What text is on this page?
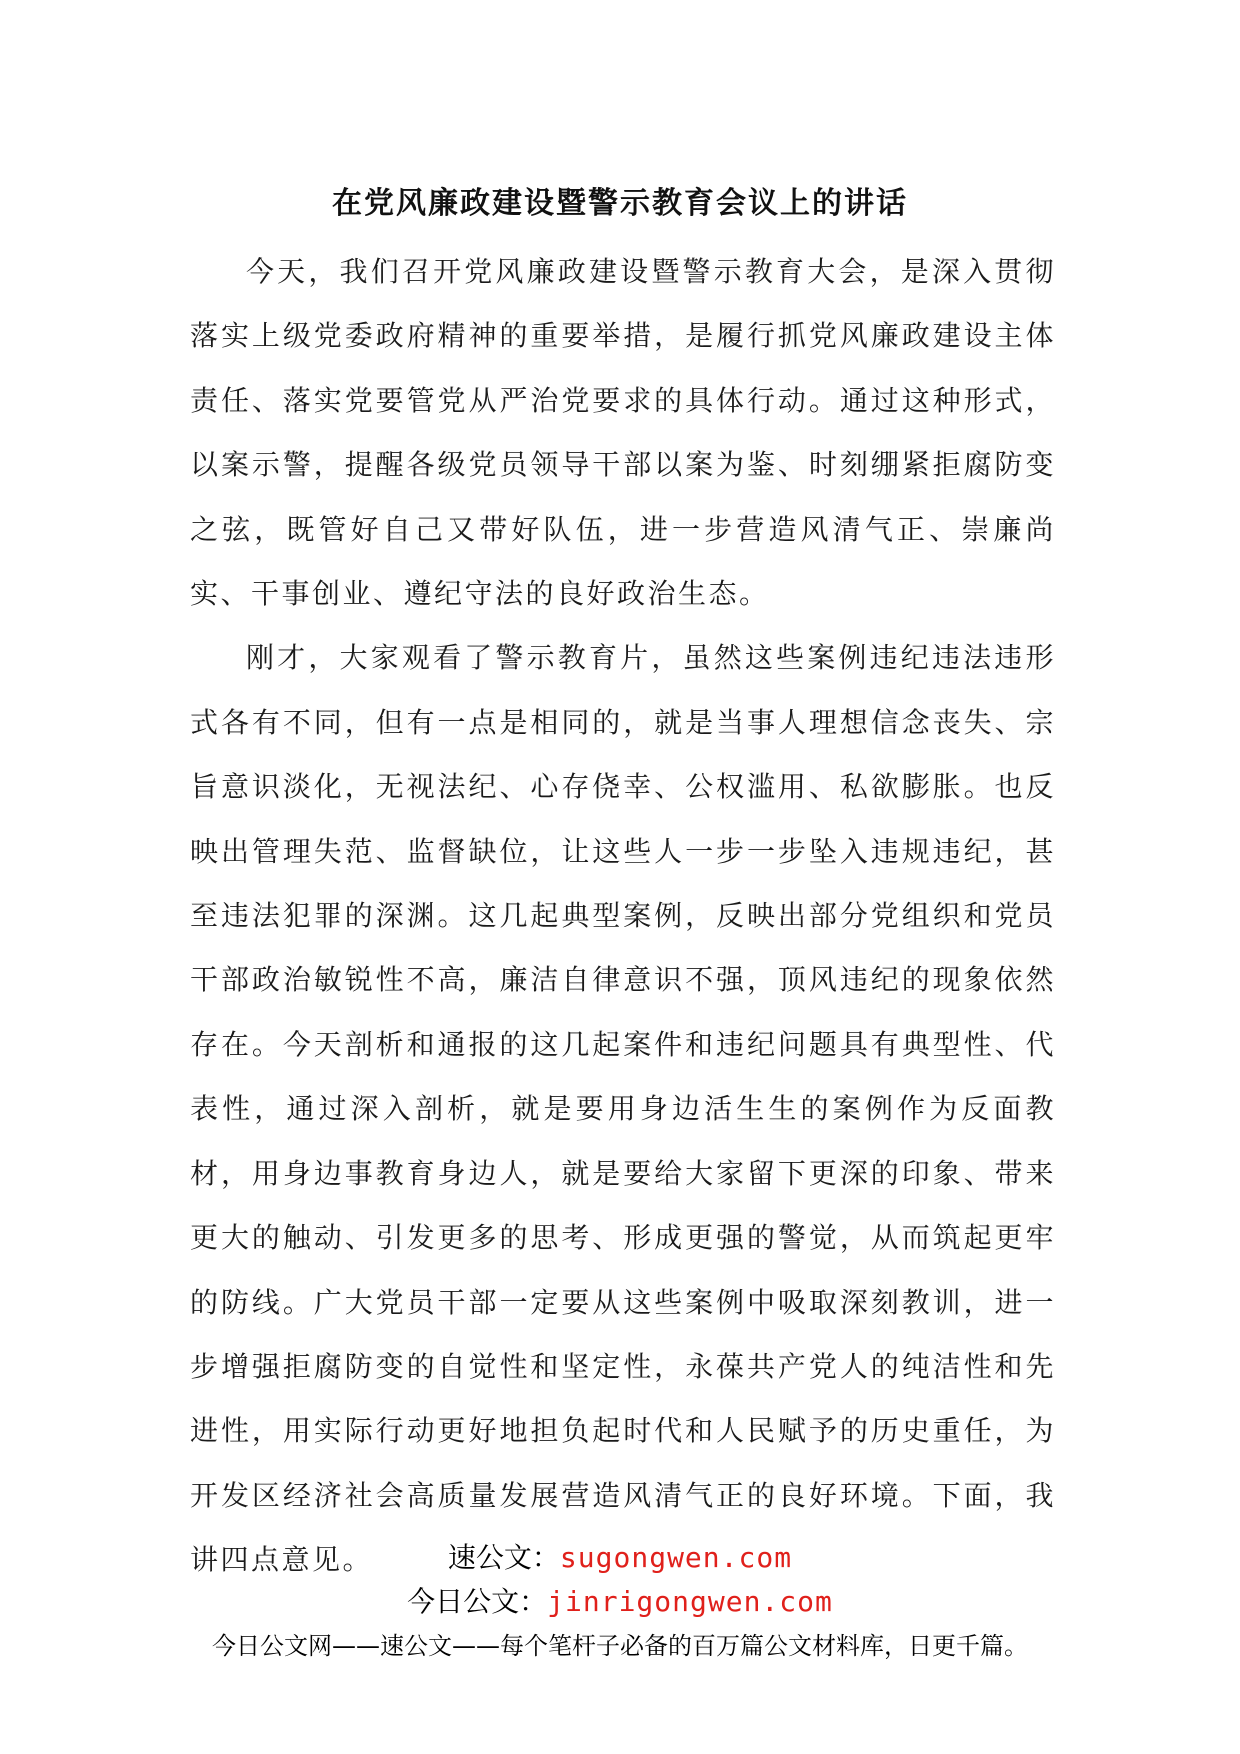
在党风廉政建设暨警示教育会议上的讲话

今天，我们召开党风廉政建设暨警示教育大会，是深入贯彻落实上级党委政府精神的重要举措，是履行抓党风廉政建设主体责任、落实党要管党从严治党要求的具体行动。通过这种形式，以案示警，提醒各级党员领导干部以案为鉴、时刻绷紧拒腐防变之弦，既管好自己又带好队伍，进一步营造风清气正、崇廉尚实、干事创业、遵纪守法的良好政治生态。

刚才，大家观看了警示教育片，虽然这些案例违纪违法违形式各有不同，但有一点是相同的，就是当事人理想信念丧失、宗旨意识淡化，无视法纪、心存侥幸、公权滥用、私欲膨胀。也反映出管理失范、监督缺位，让这些人一步一步坠入违规违纪，甚至违法犯罪的深渊。这几起典型案例，反映出部分党组织和党员干部政治敏锐性不高，廉洁自律意识不强，顶风违纪的现象依然存在。今天剖析和通报的这几起案件和违纪问题具有典型性、代表性，通过深入剖析，就是要用身边活生生的案例作为反面教材，用身边事教育身边人，就是要给大家留下更深的印象、带来更大的触动、引发更多的思考、形成更强的警觉，从而筑起更牢的防线。广大党员干部一定要从这些案例中吸取深刻教训，进一步增强拒腐防变的自觉性和坚定性，永葆共产党人的纯洁性和先进性，用实际行动更好地担负起时代和人民赋予的历史重任，为开发区经济社会高质量发展营造风清气正的良好环境。下面，我讲四点意见。	速公文：sugongwen.com
今日公文：jinrigongwen.com
今日公文网——速公文——每个笔杆子必备的百万篇公文材料库，日更千篇。
